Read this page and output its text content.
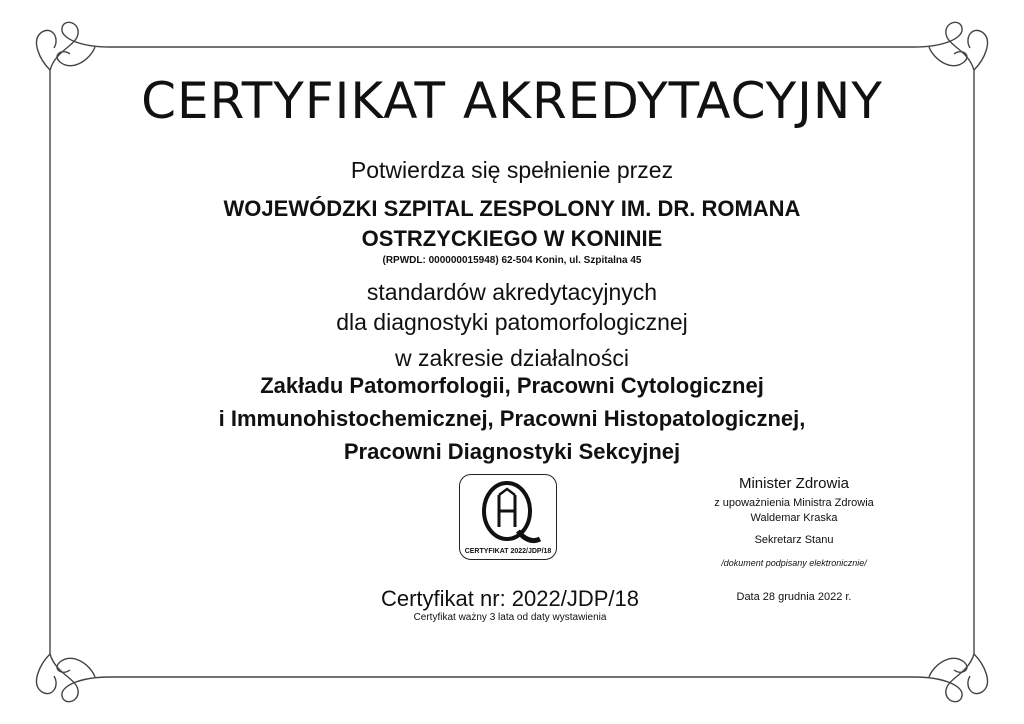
CERTYFIKAT AKREDYTACYJNY
Potwierdza się spełnienie przez
WOJEWÓDZKI SZPITAL ZESPOLONY IM. DR. ROMANA
OSTRZYCKIEGO W KONINIE
(RPWDL: 000000015948) 62-504 Konin, ul. Szpitalna 45
standardów akredytacyjnych
dla diagnostyki patomorfologicznej
w zakresie działalności
Zakładu Patomorfologii, Pracowni Cytologicznej
i Immunohistochemicznej, Pracowni Histopatologicznej,
Pracowni Diagnostyki Sekcyjnej
CERTYFIKAT 2022/JDP/18
Minister Zdrowia
z upoważnienia Ministra Zdrowia
Waldemar Kraska
Sekretarz Stanu
/dokument podpisany elektronicznie/
Data 28 grudnia 2022 r.
Certyfikat nr: 2022/JDP/18
Certyfikat ważny 3 lata od daty wystawienia
